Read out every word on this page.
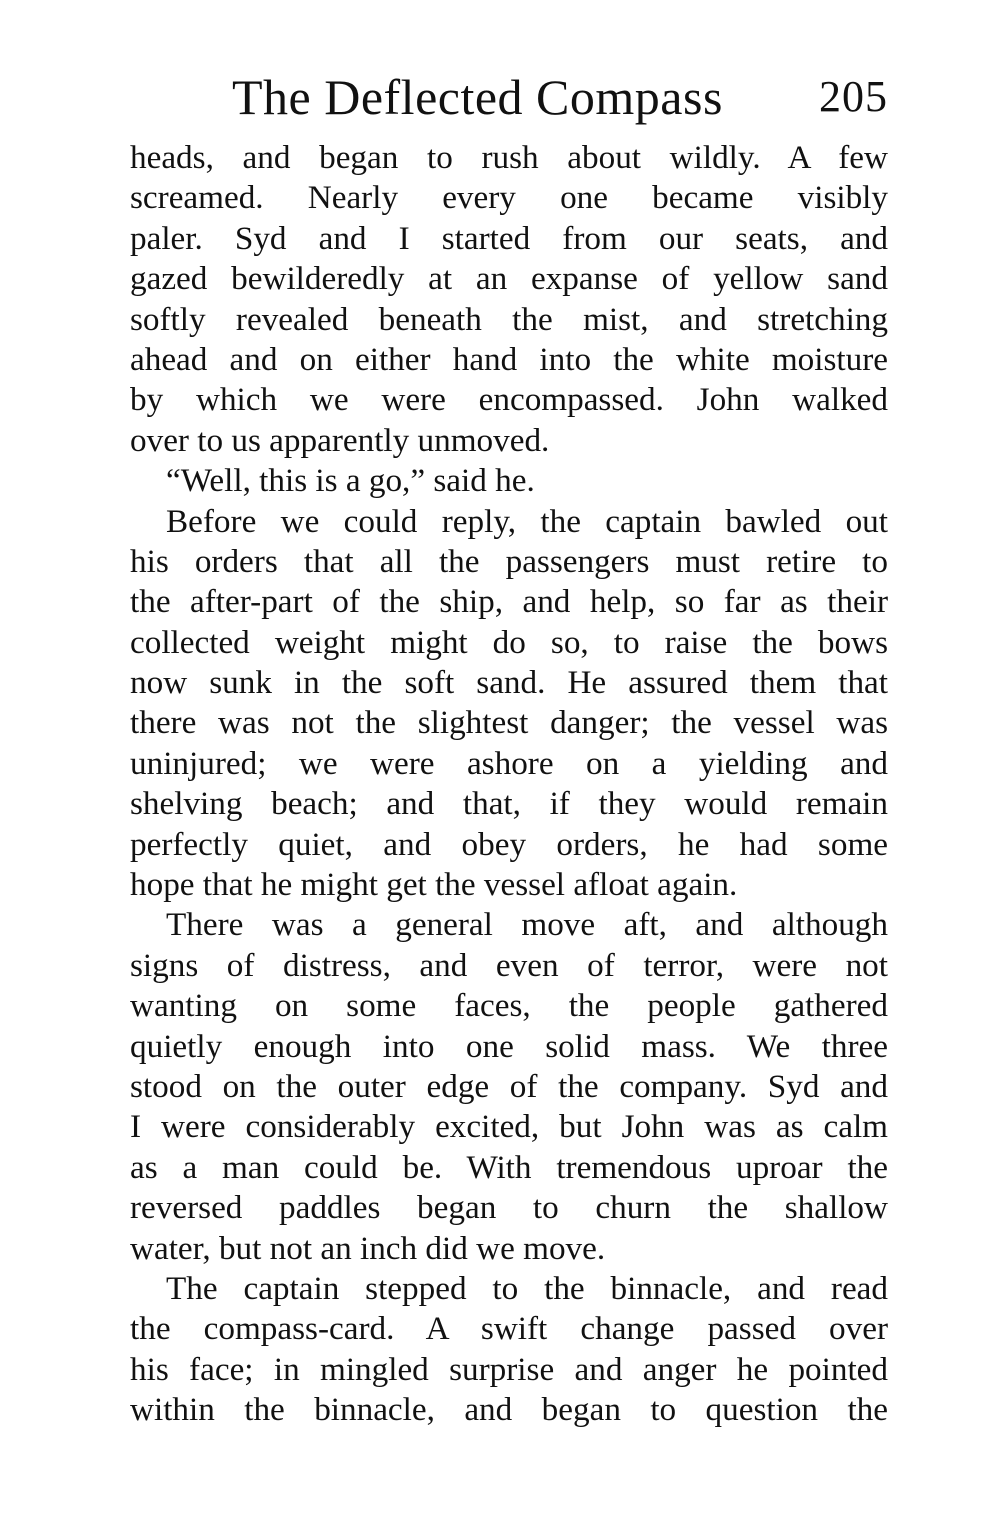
The Deflected Compass 205
heads, and began to rush about wildly. A few
screamed. Nearly every one became visibly
paler. Syd and I started from our seats, and
gazed bewilderedly at an expanse of yellow sand
softly revealed beneath the mist, and stretching
ahead and on either hand into the white moisture
by which we were encompassed. John walked
over to us apparently unmoved.
“Well, this is a go,” said he.
Before we could reply, the captain bawled out
his orders that all the passengers must retire to
the after-part of the ship, and help, so far as their
collected weight might do so, to raise the bows
now sunk in the soft sand. He assured them that
there was not the slightest danger; the vessel was
uninjured; we were ashore on a yielding and
shelving beach; and that, if they would remain
perfectly quiet, and obey orders, he had some
hope that he might get the vessel afloat again.
There was a general move aft, and although
signs of distress, and even of terror, were not
wanting on some faces, the people gathered
quietly enough into one solid mass. We three
stood on the outer edge of the company. Syd and
I were considerably excited, but John was as calm
as a man could be. With tremendous uproar the
reversed paddles began to churn the shallow
water, but not an inch did we move.
The captain stepped to the binnacle, and read
the compass-card. A swift change passed over
his face; in mingled surprise and anger he pointed
within the binnacle, and began to question the
